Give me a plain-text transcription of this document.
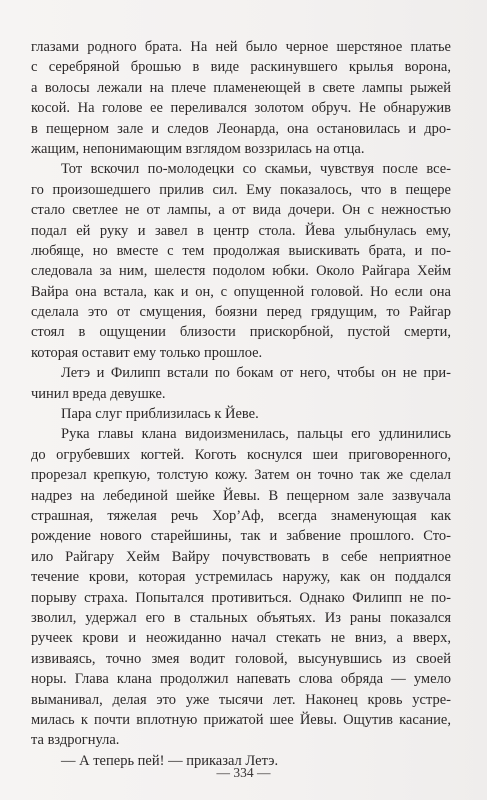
глазами родного брата. На ней было черное шерстяное платье
с серебряной брошью в виде раскинувшего крылья ворона,
а волосы лежали на плече пламенеющей в свете лампы рыжей
косой. На голове ее переливался золотом обруч. Не обнаружив
в пещерном зале и следов Леонарда, она остановилась и дро-
жащим, непонимающим взглядом воззрилась на отца.
Тот вскочил по-молодецки со скамьи, чувствуя после все-
го произошедшего прилив сил. Ему показалось, что в пещере
стало светлее не от лампы, а от вида дочери. Он с нежностью
подал ей руку и завел в центр стола. Йева улыбнулась ему,
любяще, но вместе с тем продолжая выискивать брата, и по-
следовала за ним, шелестя подолом юбки. Около Райгара Хейм
Вайра она встала, как и он, с опущенной головой. Но если она
сделала это от смущения, боязни перед грядущим, то Райгар
стоял в ощущении близости прискорбной, пустой смерти,
которая оставит ему только прошлое.
Летэ и Филипп встали по бокам от него, чтобы он не при-
чинил вреда девушке.
Пара слуг приблизилась к Йеве.
Рука главы клана видоизменилась, пальцы его удлинились
до огрубевших когтей. Коготь коснулся шеи приговоренного,
прорезал крепкую, толстую кожу. Затем он точно так же сделал
надрез на лебединой шейке Йевы. В пещерном зале зазвучала
страшная, тяжелая речь Хор’Аф, всегда знаменующая как
рождение нового старейшины, так и забвение прошлого. Сто-
ило Райгару Хейм Вайру почувствовать в себе неприятное
течение крови, которая устремилась наружу, как он поддался
порыву страха. Попытался противиться. Однако Филипп не по-
зволил, удержал его в стальных объятьях. Из раны показался
ручеек крови и неожиданно начал стекать не вниз, а вверх,
извиваясь, точно змея водит головой, высунувшись из своей
норы. Глава клана продолжил напевать слова обряда — умело
выманивал, делая это уже тысячи лет. Наконец кровь устре-
милась к почти вплотную прижатой шее Йевы. Ощутив касание,
та вздрогнула.
— А теперь пей! — приказал Летэ.
— 334 —
